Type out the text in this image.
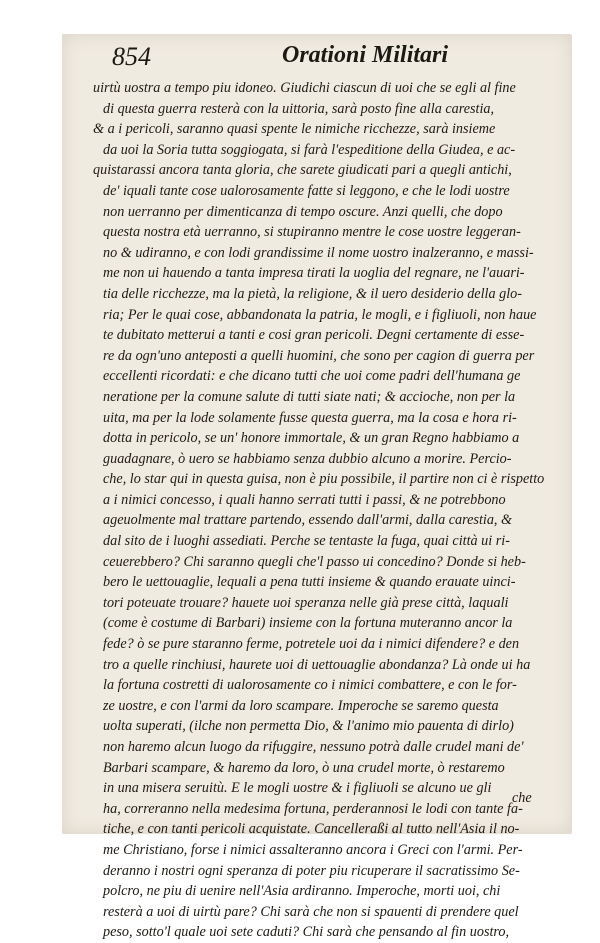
854	Orationi Militari
uirtù uostra a tempo piu idoneo. Giudichi ciascun di uoi che se egli al fine
di questa guerra resterà con la uittoria, sarà posto fine alla carestia,
& a i pericoli, saranno quasi spente le nimiche ricchezze, sarà insieme
da uoi la Soria tutta soggiogata, si farà l'espeditione della Giudea, e ac-
quistarassi ancora tanta gloria, che sarete giudicati pari a quegli antichi,
de' iquali tante cose ualorosamente fatte si leggono, e che le lodi uostre
non uerranno per dimenticanza di tempo oscure. Anzi quelli, che dopo
questa nostra età uerranno, si stupiranno mentre le cose uostre leggeran-
no & udiranno, e con lodi grandissime il nome uostro inalzeranno, e massi-
me non ui hauendo a tanta impresa tirati la uoglia del regnare, ne l'auari-
tia delle ricchezze, ma la pietà, la religione, & il uero desiderio della glo-
ria; Per le quai cose, abbandonata la patria, le mogli, e i figliuoli, non haue
te dubitato metterui a tanti e cosi gran pericoli. Degni certamente di esse-
re da ogn'uno anteposti a quelli huomini, che sono per cagion di guerra per
eccellenti ricordati: e che dicano tutti che uoi come padri dell'humana ge
neratione per la comune salute di tutti siate nati; & accioche, non per la
uita, ma per la lode solamente fusse questa guerra, ma la cosa e hora ri-
dotta in pericolo, se un' honore immortale, & un gran Regno habbiamo a
guadagnare, ò uero se habbiamo senza dubbio alcuno a morire. Percio-
che, lo star qui in questa guisa, non è piu possibile, il partire non ci è rispetto
a i nimici concesso, i quali hanno serrati tutti i passi, & ne potrebbono
ageuolmente mal trattare partendo, essendo dall'armi, dalla carestia, &
dal sito de i luoghi assediati. Perche se tentaste la fuga, quai città ui ri-
ceuerebbero? Chi saranno quegli che'l passo ui concedino? Donde si heb-
bero le uettouaglie, lequali a pena tutti insieme & quando erauate uinci-
tori poteuate trouare? hauete uoi speranza nelle già prese città, laquali
(come è costume di Barbari) insieme con la fortuna muteranno ancor la
fede? ò se pure staranno ferme, potretele uoi da i nimici difendere? e den
tro a quelle rinchiusi, haurete uoi di uettouaglie abondanza? Là onde ui ha
la fortuna costretti di ualorosamente co i nimici combattere, e con le for-
ze uostre, e con l'armi da loro scampare. Imperoche se saremo questa
uolta superati, (ilche non permetta Dio, & l'animo mio pauenta di dirlo)
non haremo alcun luogo da rifuggire, nessuno potrà dalle crudel mani de'
Barbari scampare, & haremo da loro, ò una crudel morte, ò restaremo
in una misera seruitù. E le mogli uostre & i figliuoli se alcuno ue gli
ha, correranno nella medesima fortuna, perderannosi le lodi con tante fa-
tiche, e con tanti pericoli acquistate. Cancelleraßi al tutto nell'Asia il no-
me Christiano, forse i nimici assalteranno ancora i Greci con l'armi. Per-
deranno i nostri ogni speranza di poter piu ricuperare il sacratissimo Se-
polcro, ne piu di uenire nell'Asia ardiranno. Imperoche, morti uoi, chi
resterà a uoi di uirtù pare? Chi sarà che non si spauenti di prendere quel
peso, sotto'l quale uoi sete caduti? Chi sarà che pensando al fin uostro,
che
